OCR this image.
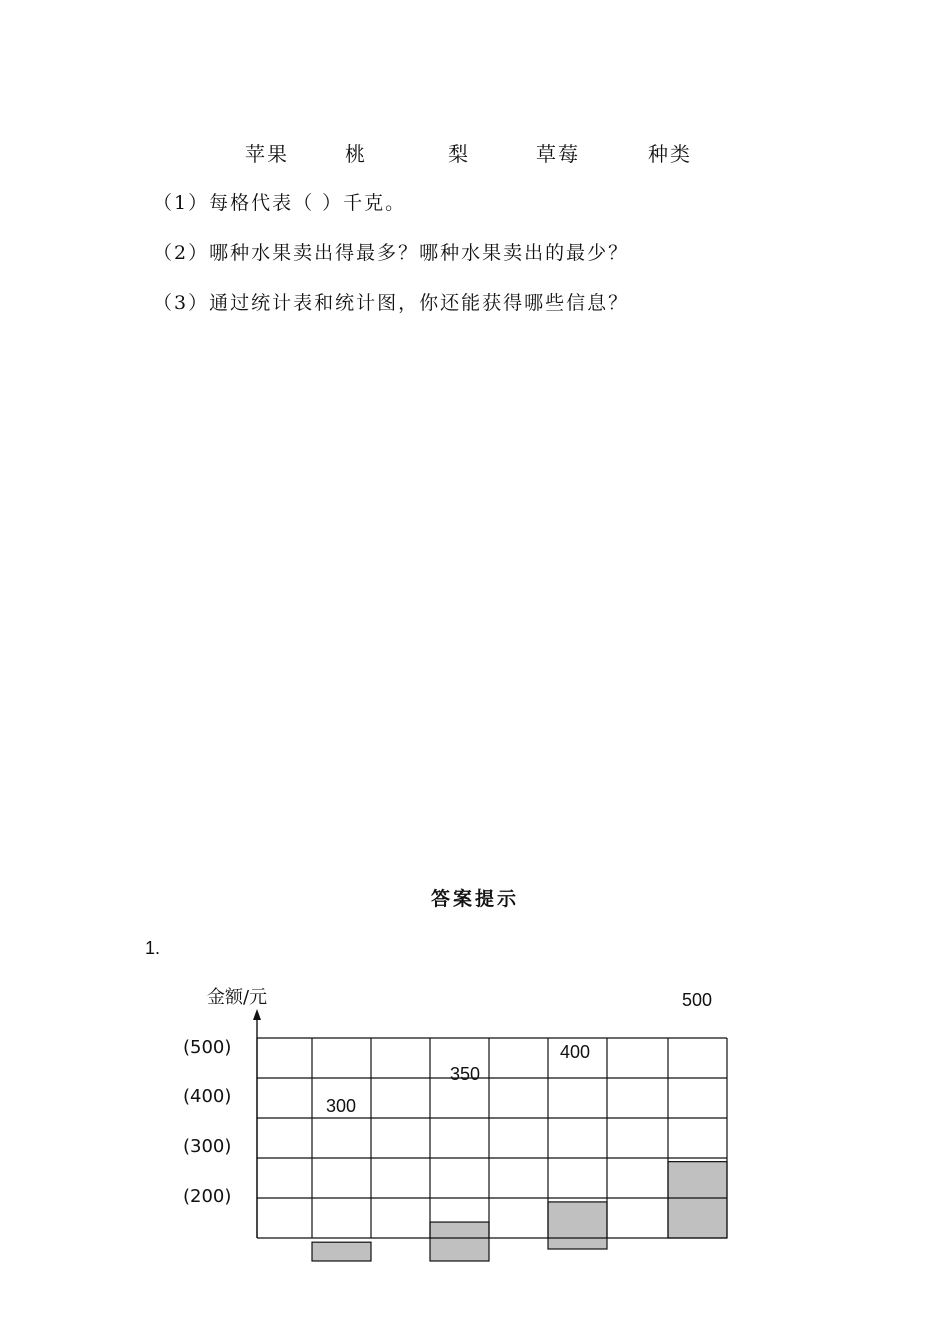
苹果	桃	梨	草莓	种类
（1）每格代表（ ）千克。
（2）哪种水果卖出得最多？哪种水果卖出的最少？
（3）通过统计表和统计图，你还能获得哪些信息？
答案提示
1.
金额/元
(500)
(400)
(300)
(200)
300
350
400
500
